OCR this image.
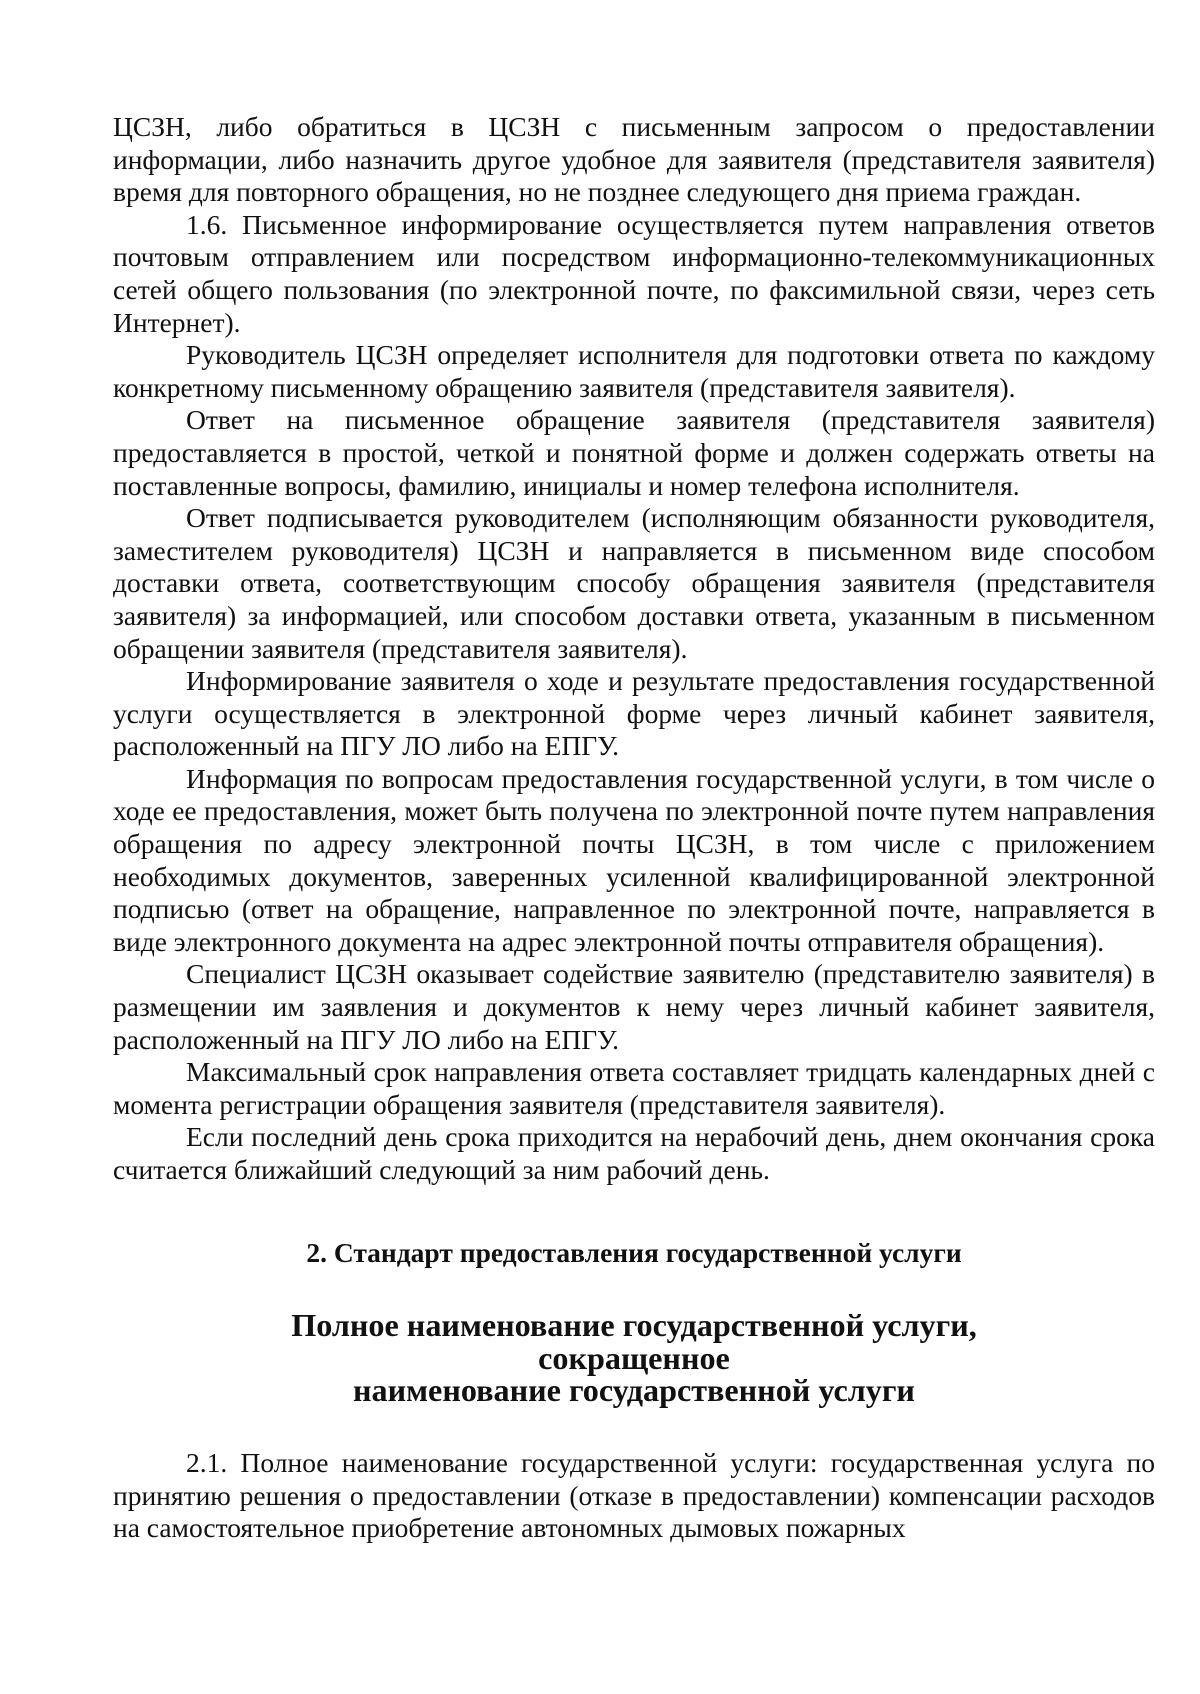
ЦСЗН, либо обратиться в ЦСЗН с письменным запросом о предоставлении информации, либо назначить другое удобное для заявителя (представителя заявителя) время для повторного обращения, но не позднее следующего дня приема граждан.

1.6. Письменное информирование осуществляется путем направления ответов почтовым отправлением или посредством информационно-телекоммуникационных сетей общего пользования (по электронной почте, по факсимильной связи, через сеть Интернет).

Руководитель ЦСЗН определяет исполнителя для подготовки ответа по каждому конкретному письменному обращению заявителя (представителя заявителя).

Ответ на письменное обращение заявителя (представителя заявителя) предоставляется в простой, четкой и понятной форме и должен содержать ответы на поставленные вопросы, фамилию, инициалы и номер телефона исполнителя.

Ответ подписывается руководителем (исполняющим обязанности руководителя, заместителем руководителя) ЦСЗН и направляется в письменном виде способом доставки ответа, соответствующим способу обращения заявителя (представителя заявителя) за информацией, или способом доставки ответа, указанным в письменном обращении заявителя (представителя заявителя).

Информирование заявителя о ходе и результате предоставления государственной услуги осуществляется в электронной форме через личный кабинет заявителя, расположенный на ПГУ ЛО либо на ЕПГУ.

Информация по вопросам предоставления государственной услуги, в том числе о ходе ее предоставления, может быть получена по электронной почте путем направления обращения по адресу электронной почты ЦСЗН, в том числе с приложением необходимых документов, заверенных усиленной квалифицированной электронной подписью (ответ на обращение, направленное по электронной почте, направляется в виде электронного документа на адрес электронной почты отправителя обращения).

Специалист ЦСЗН оказывает содействие заявителю (представителю заявителя) в размещении им заявления и документов к нему через личный кабинет заявителя, расположенный на ПГУ ЛО либо на ЕПГУ.

Максимальный срок направления ответа составляет тридцать календарных дней с момента регистрации обращения заявителя (представителя заявителя).

Если последний день срока приходится на нерабочий день, днем окончания срока считается ближайший следующий за ним рабочий день.

2. Стандарт предоставления государственной услуги
Полное наименование государственной услуги, сокращенное
наименование государственной услуги

2.1. Полное наименование государственной услуги: государственная услуга по принятию решения о предоставлении (отказе в предоставлении) компенсации расходов на самостоятельное приобретение автономных дымовых пожарных
